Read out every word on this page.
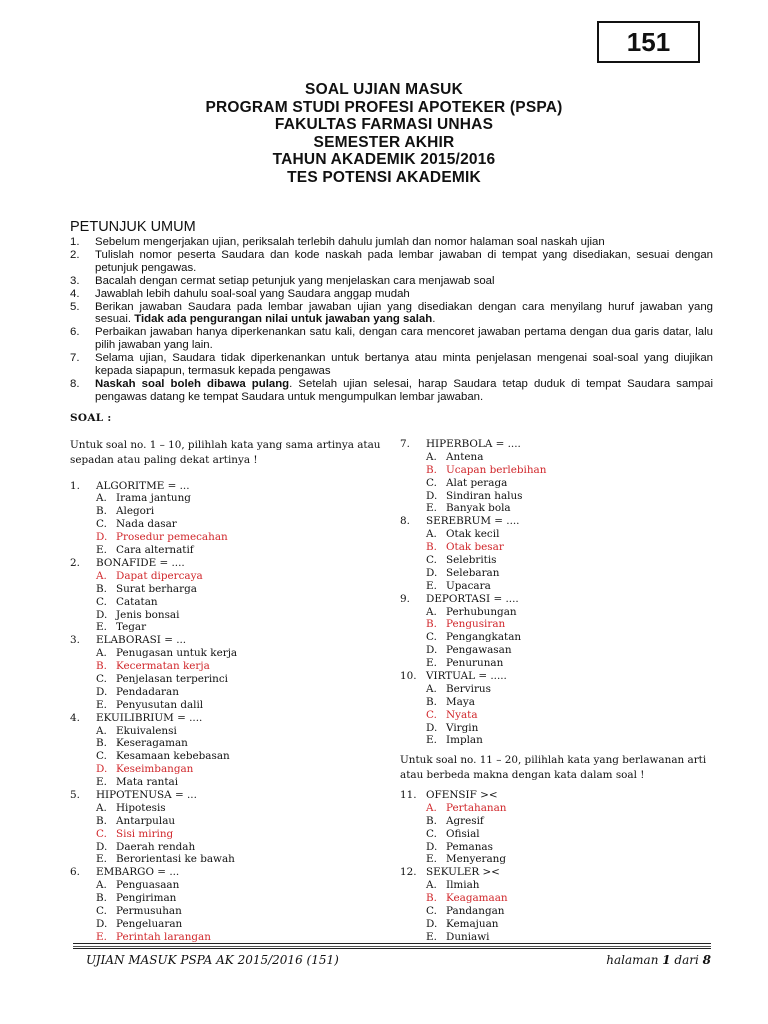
151
SOAL UJIAN MASUK
PROGRAM STUDI PROFESI APOTEKER (PSPA)
FAKULTAS FARMASI UNHAS
SEMESTER AKHIR
TAHUN AKADEMIK 2015/2016
TES POTENSI AKADEMIK
PETUNJUK UMUM
1. Sebelum mengerjakan ujian, periksalah terlebih dahulu jumlah dan nomor halaman soal naskah ujian
2. Tulislah nomor peserta Saudara dan kode naskah pada lembar jawaban di tempat yang disediakan, sesuai dengan petunjuk pengawas.
3. Bacalah dengan cermat setiap petunjuk yang menjelaskan cara menjawab soal
4. Jawablah lebih dahulu soal-soal yang Saudara anggap mudah
5. Berikan jawaban Saudara pada lembar jawaban ujian yang disediakan dengan cara menyilang huruf jawaban yang sesuai. Tidak ada pengurangan nilai untuk jawaban yang salah.
6. Perbaikan jawaban hanya diperkenankan satu kali, dengan cara mencoret jawaban pertama dengan dua garis datar, lalu pilih jawaban yang lain.
7. Selama ujian, Saudara tidak diperkenankan untuk bertanya atau minta penjelasan mengenai soal-soal yang diujikan kepada siapapun, termasuk kepada pengawas
8. Naskah soal boleh dibawa pulang. Setelah ujian selesai, harap Saudara tetap duduk di tempat Saudara sampai pengawas datang ke tempat Saudara untuk mengumpulkan lembar jawaban.
SOAL :
Untuk soal no. 1 – 10, pilihlah kata yang sama artinya atau sepadan atau paling dekat artinya !
1. ALGORITME = ...
A. Irama jantung
B. Alegori
C. Nada dasar
D. Prosedur pemecahan
E. Cara alternatif
2. BONAFIDE = ....
A. Dapat dipercaya
B. Surat berharga
C. Catatan
D. Jenis bonsai
E. Tegar
3. ELABORASI = ...
A. Penugasan untuk kerja
B. Kecermatan kerja
C. Penjelasan terperinci
D. Pendadaran
E. Penyusutan dalil
4. EKUILIBRIUM = ....
A. Ekuivalensi
B. Keseragaman
C. Kesamaan kebebasan
D. Keseimbangan
E. Mata rantai
5. HIPOTENUSA = ...
A. Hipotesis
B. Antarpulau
C. Sisi miring
D. Daerah rendah
E. Berorientasi ke bawah
6. EMBARGO = ...
A. Penguasaan
B. Pengiriman
C. Permusuhan
D. Pengeluaran
E. Perintah larangan
7. HIPERBOLA = ....
A. Antena
B. Ucapan berlebihan
C. Alat peraga
D. Sindiran halus
E. Banyak bola
8. SEREBRUM = ....
A. Otak kecil
B. Otak besar
C. Selebritis
D. Selebaran
E. Upacara
9. DEPORTASI = ....
A. Perhubungan
B. Pengusiran
C. Pengangkatan
D. Pengawasan
E. Penurunan
10. VIRTUAL = .....
A. Bervirus
B. Maya
C. Nyata
D. Virgin
E. Implan
Untuk soal no. 11 – 20, pilihlah kata yang berlawanan arti atau berbeda makna dengan kata dalam soal !
11. OFENSIF ><
A. Pertahanan
B. Agresif
C. Ofisial
D. Pemanas
E. Menyerang
12. SEKULER ><
A. Ilmiah
B. Keagamaan
C. Pandangan
D. Kemajuan
E. Duniawi
UJIAN MASUK PSPA AK 2015/2016 (151)	halaman 1 dari 8
